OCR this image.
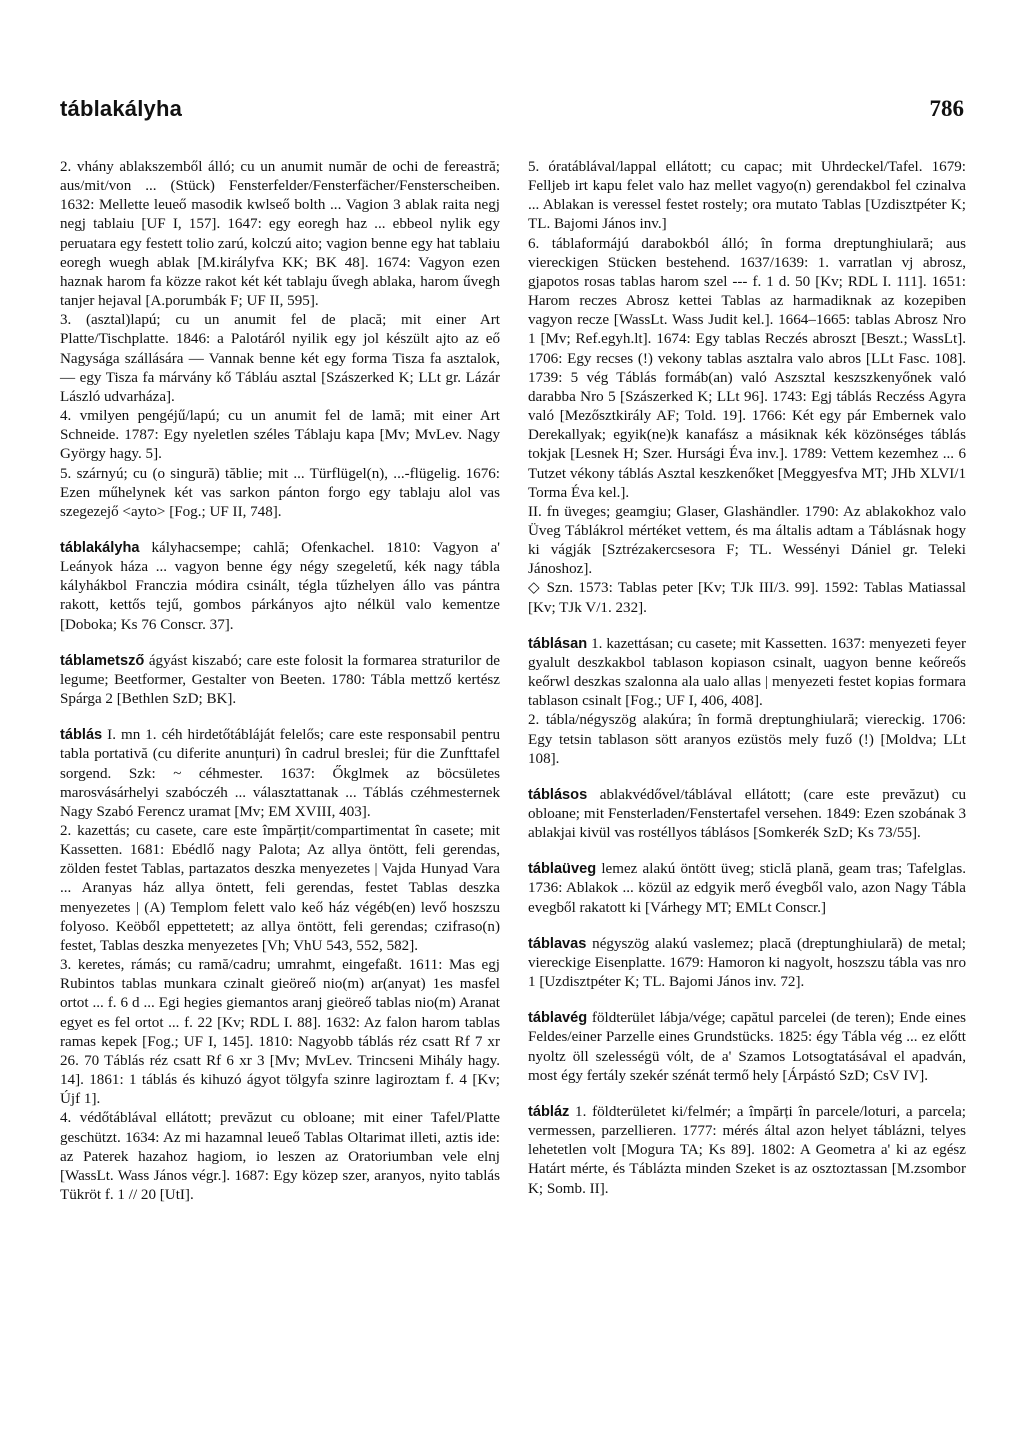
táblakályha	786

2. vhány ablakszemből álló; cu un anumit număr de ochi de fereastră; aus/mit/von ... (Stück) Fensterfelder/Fensterfächer/Fensterscheiben. 1632: Mellette leueő masodik kwlseő bolth ... Vagion 3 ablak raita negj negj tablaiu [UF I, 157]. 1647: egy eoregh haz ... ebbeol nylik egy peruatara egy festett tolio zarú, kolczú aito; vagion benne egy hat tablaiu eoregh wuegh ablak [M.királyfva KK; BK 48]. 1674: Vagyon ezen haznak harom fa közze rakot két két tablaju űvegh ablaka, harom űvegh tanjer hejaval [A.porumbák F; UF II, 595].

3. (asztal)lapú; cu un anumit fel de placă; mit einer Art Platte/Tischplatte. 1846: a Palotáról nyilik egy jol készült ajto az eő Nagysága szállására — Vannak benne két egy forma Tisza fa asztalok, — egy Tisza fa márvány kő Tábláu asztal [Szászerked K; LLt gr. Lázár László udvarháza].

4. vmilyen pengéjű/lapú; cu un anumit fel de lamă; mit einer Art Schneide. 1787: Egy nyeletlen széles Táblaju kapa [Mv; MvLev. Nagy György hagy. 5].

5. szárnyú; cu (o singură) tăblie; mit ... Türflügel(n), ...-flügelig. 1676: Ezen műhelynek két vas sarkon pánton forgo egy tablaju alol vas szegezejő <ayto> [Fog.; UF II, 748].

táblakályha kályhacsempe; cahlă; Ofenkachel. 1810: Vagyon a' Leányok háza ... vagyon benne égy négy szegeletű, kék nagy tábla kályhákbol Franczia módira csinált, tégla tűzhelyen állo vas pántra rakott, kettős tejű, gombos párkányos ajto nélkül valo kementze [Doboka; Ks 76 Conscr. 37].

táblametsző ágyást kiszabó; care este folosit la formarea straturilor de legume; Beetformer, Gestalter von Beeten. 1780: Tábla mettző kertész Spárga 2 [Bethlen SzD; BK].

táblás I. mn 1. céh hirdetőtábláját felelős; care este responsabil pentru tabla portativă (cu diferite anunțuri) în cadrul breslei; für die Zunfttafel sorgend. Szk: ~ céhmester. 1637: Őkglmek az böcsületes marosvásárhelyi szabóczéh ... választattanak ... Táblás czéhmesternek Nagy Szabó Ferencz uramat [Mv; EM XVIII, 403].

2. kazettás; cu casete, care este împărțit/compartimentat în casete; mit Kassetten. 1681: Ebédlő nagy Palota; Az allya öntött, feli gerendas, zölden festet Tablas, partazatos deszka menyezetes | Vajda Hunyad Vara ... Aranyas ház allya öntett, feli gerendas, festet Tablas deszka menyezetes | (A) Templom felett valo keő ház végéb(en) levő hoszszu folyoso. Keöből eppettetett; az allya öntött, feli gerendas; czifraso(n) festet, Tablas deszka menyezetes [Vh; VhU 543, 552, 582].

3. keretes, rámás; cu ramă/cadru; umrahmt, eingefaßt. 1611: Mas egj Rubintos tablas munkara czinalt gieöreő nio(m) ar(anyat) 1es masfel ortot ... f. 6 d ... Egi hegies giemantos aranj gieöreő tablas nio(m) Aranat egyet es fel ortot ... f. 22 [Kv; RDL I. 88]. 1632: Az falon harom tablas ramas kepek [Fog.; UF I, 145]. 1810: Nagyobb táblás réz csatt Rf 7 xr 26. 70 Táblás réz csatt Rf 6 xr 3 [Mv; MvLev. Trincseni Mihály hagy. 14]. 1861: 1 táblás és kihuzó ágyot tölgyfa szinre lagiroztam f. 4 [Kv; Újf 1].

4. védőtáblával ellátott; prevăzut cu obloane; mit einer Tafel/Platte geschützt. 1634: Az mi hazamnal leueő Tablas Oltarimat illeti, aztis ide: az Paterek hazahoz hagiom, io leszen az Oratoriumban vele elnj [WassLt. Wass János végr.]. 1687: Egy közep szer, aranyos, nyito tablás Tükröt f. 1 // 20 [UtI].

5. óratáblával/lappal ellátott; cu capac; mit Uhrdeckel/Tafel. 1679: Felljeb irt kapu felet valo haz mellet vagyo(n) gerendakbol fel czinalva ... Ablakan is veressel festet rostely; ora mutato Tablas [Uzdisztpéter K; TL. Bajomi János inv.]

6. táblaformájú darabokból álló; în forma dreptunghiulară; aus viereckigen Stücken bestehend. 1637/1639: 1. varratlan vj abrosz, gjapotos rosas tablas harom szel --- f. 1 d. 50 [Kv; RDL I. 111]. 1651: Harom reczes Abrosz kettei Tablas az harmadiknak az kozepiben vagyon recze [WassLt. Wass Judit kel.]. 1664–1665: tablas Abrosz Nro 1 [Mv; Ref.egyh.lt]. 1674: Egy tablas Reczés abroszt [Beszt.; WassLt]. 1706: Egy recses (!) vekony tablas asztalra valo abros [LLt Fasc. 108]. 1739: 5 vég Táblás formáb(an) való Aszsztal keszszkenyőnek való darabba Nro 5 [Szászerked K; LLt 96]. 1743: Egj táblás Reczéss Agyra való [Mezősztkirály AF; Told. 19]. 1766: Két egy pár Embernek valo Derekallyak; egyik(ne)k kanafász a másiknak kék közönséges táblás tokjak [Lesnek H; Szer. Hursági Éva inv.]. 1789: Vettem kezemhez ... 6 Tutzet vékony táblás Asztal keszkenőket [Meggyesfva MT; JHb XLVI/1 Torma Éva kel.].

II. fn üveges; geamgiu; Glaser, Glashändler. 1790: Az ablakokhoz valo Üveg Táblákrol mértéket vettem, és ma általis adtam a Táblásnak hogy ki vágják [Sztrézakercsesora F; TL. Wessényi Dániel gr. Teleki Jánoshoz].

◇ Szn. 1573: Tablas peter [Kv; TJk III/3. 99]. 1592: Tablas Matiassal [Kv; TJk V/1. 232].

táblásan 1. kazettásan; cu casete; mit Kassetten. 1637: menyezeti feyer gyalult deszkakbol tablason kopiason csinalt, uagyon benne keőreős keőrwl deszkas szalonna ala ualo allas | menyezeti festet kopias formara tablason csinalt [Fog.; UF I, 406, 408].

2. tábla/négyszög alakúra; în formă dreptunghiulară; viereckig. 1706: Egy tetsin tablason sött aranyos ezüstös mely fuző (!) [Moldva; LLt 108].

táblásos ablakvédővel/táblával ellátott; (care este prevăzut) cu obloane; mit Fensterladen/Fenstertafel versehen. 1849: Ezen szobának 3 ablakjai kivül vas rostéllyos táblásos [Somkerék SzD; Ks 73/55].

táblaüveg lemez alakú öntött üveg; sticlă plană, geam tras; Tafelglas. 1736: Ablakok ... közül az edgyik merő évegből valo, azon Nagy Tábla evegből rakatott ki [Várhegy MT; EMLt Conscr.]

táblavas négyszög alakú vaslemez; placă (dreptunghiulară) de metal; viereckige Eisenplatte. 1679: Hamoron ki nagyolt, hoszszu tábla vas nro 1 [Uzdisztpéter K; TL. Bajomi János inv. 72].

táblavég földterület lábja/vége; capătul parcelei (de teren); Ende eines Feldes/einer Parzelle eines Grundstücks. 1825: égy Tábla vég ... ez előtt nyoltz öll szelességü vólt, de a' Szamos Lotsogtatásával el apadván, most égy fertály szekér szénát termő hely [Árpástó SzD; CsV IV].

tábláz 1. földterületet ki/felmér; a împărți în parcele/loturi, a parcela; vermessen, parzellieren. 1777: mérés által azon helyet táblázni, telyes lehetetlen volt [Mogura TA; Ks 89]. 1802: A Geometra a' ki az egész Határt mérte, és Táblázta minden Szeket is az osztoztassan [M.zsombor K; Somb. II].
